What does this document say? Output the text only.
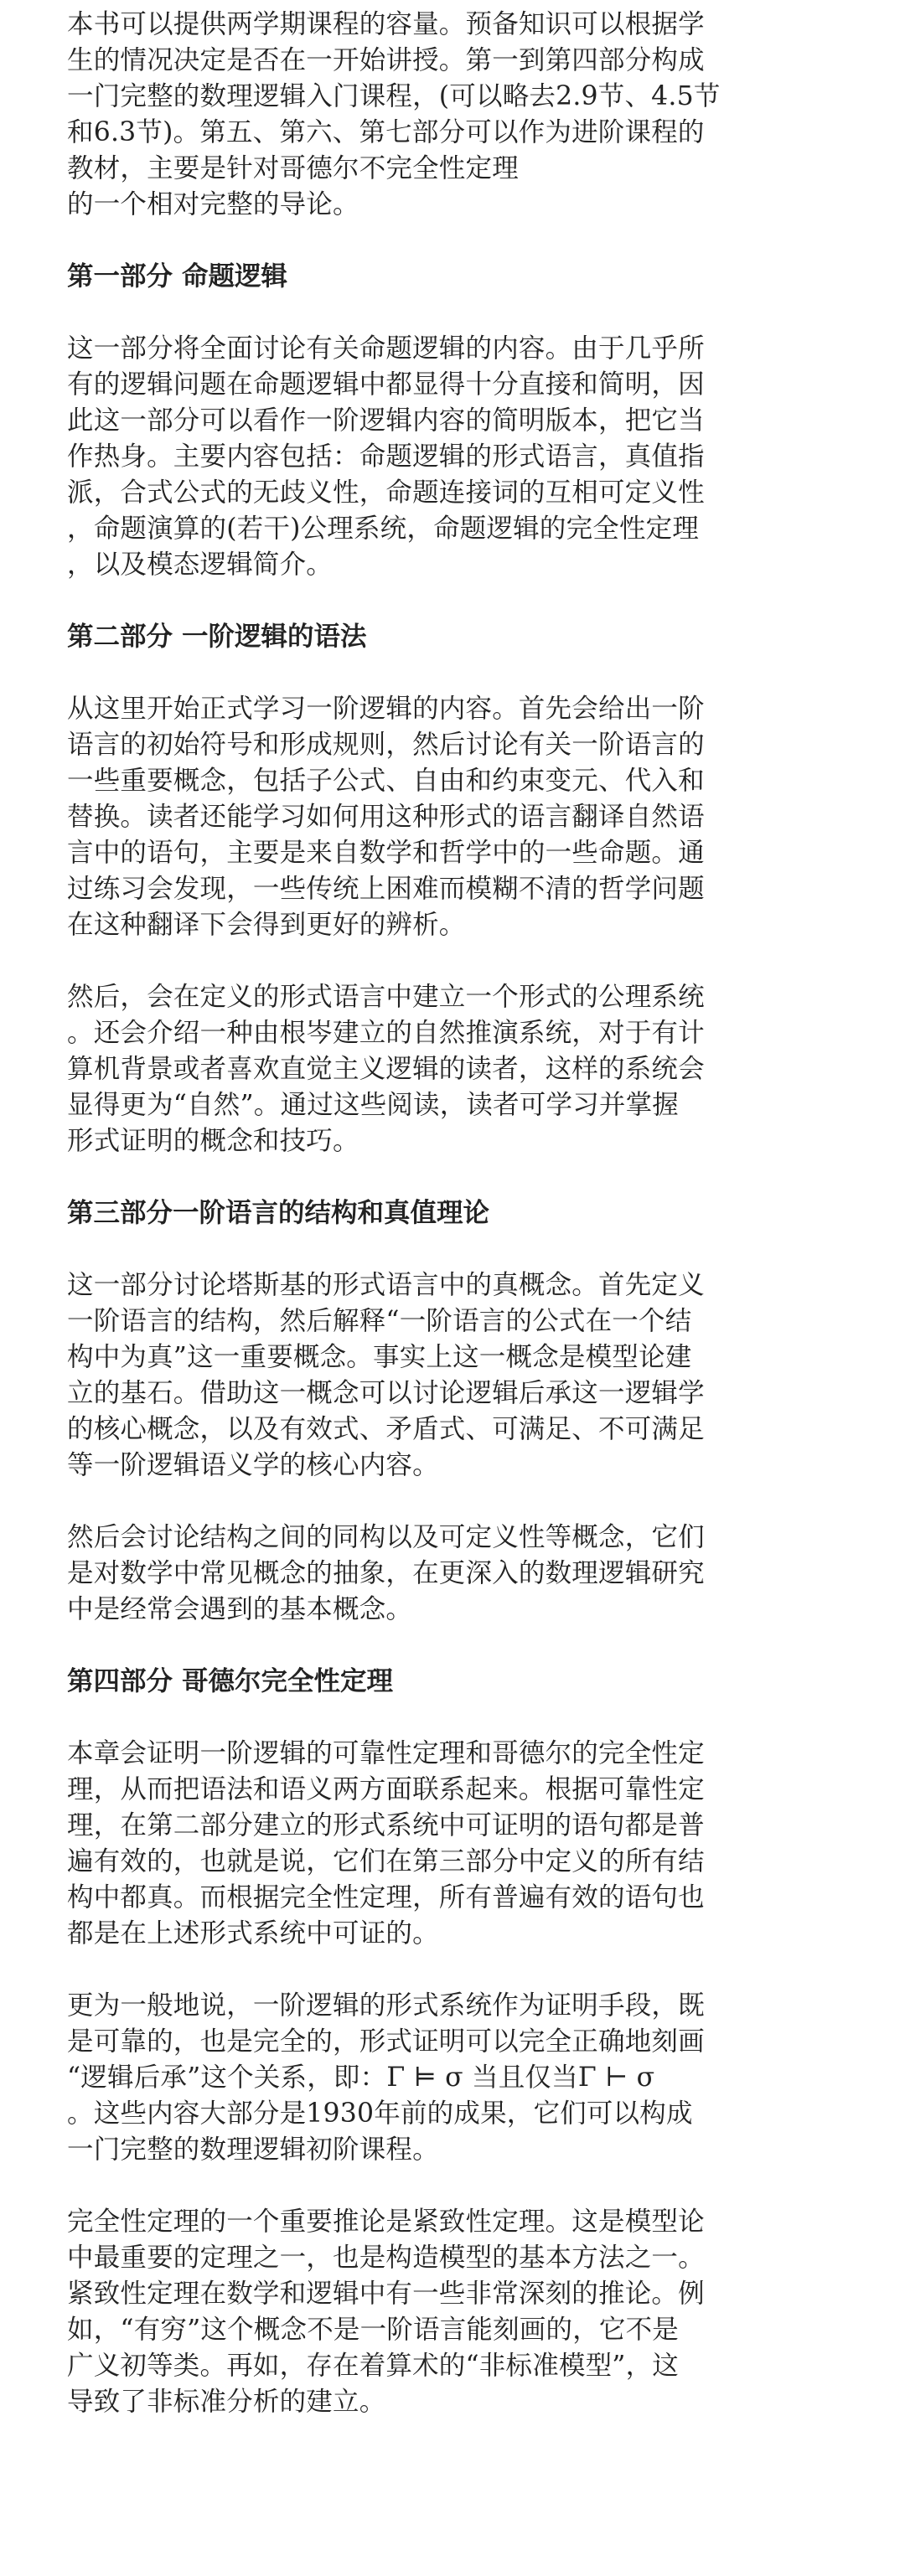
本书可以提供两学期课程的容量。预备知识可以根据学
生的情况决定是否在一开始讲授。第一到第四部分构成
一门完整的数理逻辑入门课程，(可以略去2.9节、4.5节
和6.3节)。第五、第六、第七部分可以作为进阶课程的
教材，主要是针对哥德尔不完全性定理
的一个相对完整的导论。

第一部分 命题逻辑

这一部分将全面讨论有关命题逻辑的内容。由于几乎所
有的逻辑问题在命题逻辑中都显得十分直接和简明，因
此这一部分可以看作一阶逻辑内容的简明版本，把它当
作热身。主要内容包括：命题逻辑的形式语言，真值指
派，合式公式的无歧义性，命题连接词的互相可定义性
，命题演算的(若干)公理系统，命题逻辑的完全性定理
，以及模态逻辑简介。

第二部分 一阶逻辑的语法

从这里开始正式学习一阶逻辑的内容。首先会给出一阶
语言的初始符号和形成规则，然后讨论有关一阶语言的
一些重要概念，包括子公式、自由和约束变元、代入和
替换。读者还能学习如何用这种形式的语言翻译自然语
言中的语句，主要是来自数学和哲学中的一些命题。通
过练习会发现，一些传统上困难而模糊不清的哲学问题
在这种翻译下会得到更好的辨析。

然后，会在定义的形式语言中建立一个形式的公理系统
。还会介绍一种由根岑建立的自然推演系统，对于有计
算机背景或者喜欢直觉主义逻辑的读者，这样的系统会
显得更为“自然”。通过这些阅读，读者可学习并掌握
形式证明的概念和技巧。

第三部分一阶语言的结构和真值理论

这一部分讨论塔斯基的形式语言中的真概念。首先定义
一阶语言的结构，然后解释“一阶语言的公式在一个结
构中为真”这一重要概念。事实上这一概念是模型论建
立的基石。借助这一概念可以讨论逻辑后承这一逻辑学
的核心概念，以及有效式、矛盾式、可满足、不可满足
等一阶逻辑语义学的核心内容。

然后会讨论结构之间的同构以及可定义性等概念，它们
是对数学中常见概念的抽象，在更深入的数理逻辑研究
中是经常会遇到的基本概念。

第四部分 哥德尔完全性定理

本章会证明一阶逻辑的可靠性定理和哥德尔的完全性定
理，从而把语法和语义两方面联系起来。根据可靠性定
理，在第二部分建立的形式系统中可证明的语句都是普
遍有效的，也就是说，它们在第三部分中定义的所有结
构中都真。而根据完全性定理，所有普遍有效的语句也
都是在上述形式系统中可证的。

更为一般地说，一阶逻辑的形式系统作为证明手段，既
是可靠的，也是完全的，形式证明可以完全正确地刻画
“逻辑后承”这个关系，即：Γ ⊨ σ 当且仅当Γ ⊢ σ
。这些内容大部分是1930年前的成果，它们可以构成
一门完整的数理逻辑初阶课程。

完全性定理的一个重要推论是紧致性定理。这是模型论
中最重要的定理之一，也是构造模型的基本方法之一。
紧致性定理在数学和逻辑中有一些非常深刻的推论。例
如，“有穷”这个概念不是一阶语言能刻画的，它不是
广义初等类。再如，存在着算术的“非标准模型”，这
导致了非标准分析的建立。
